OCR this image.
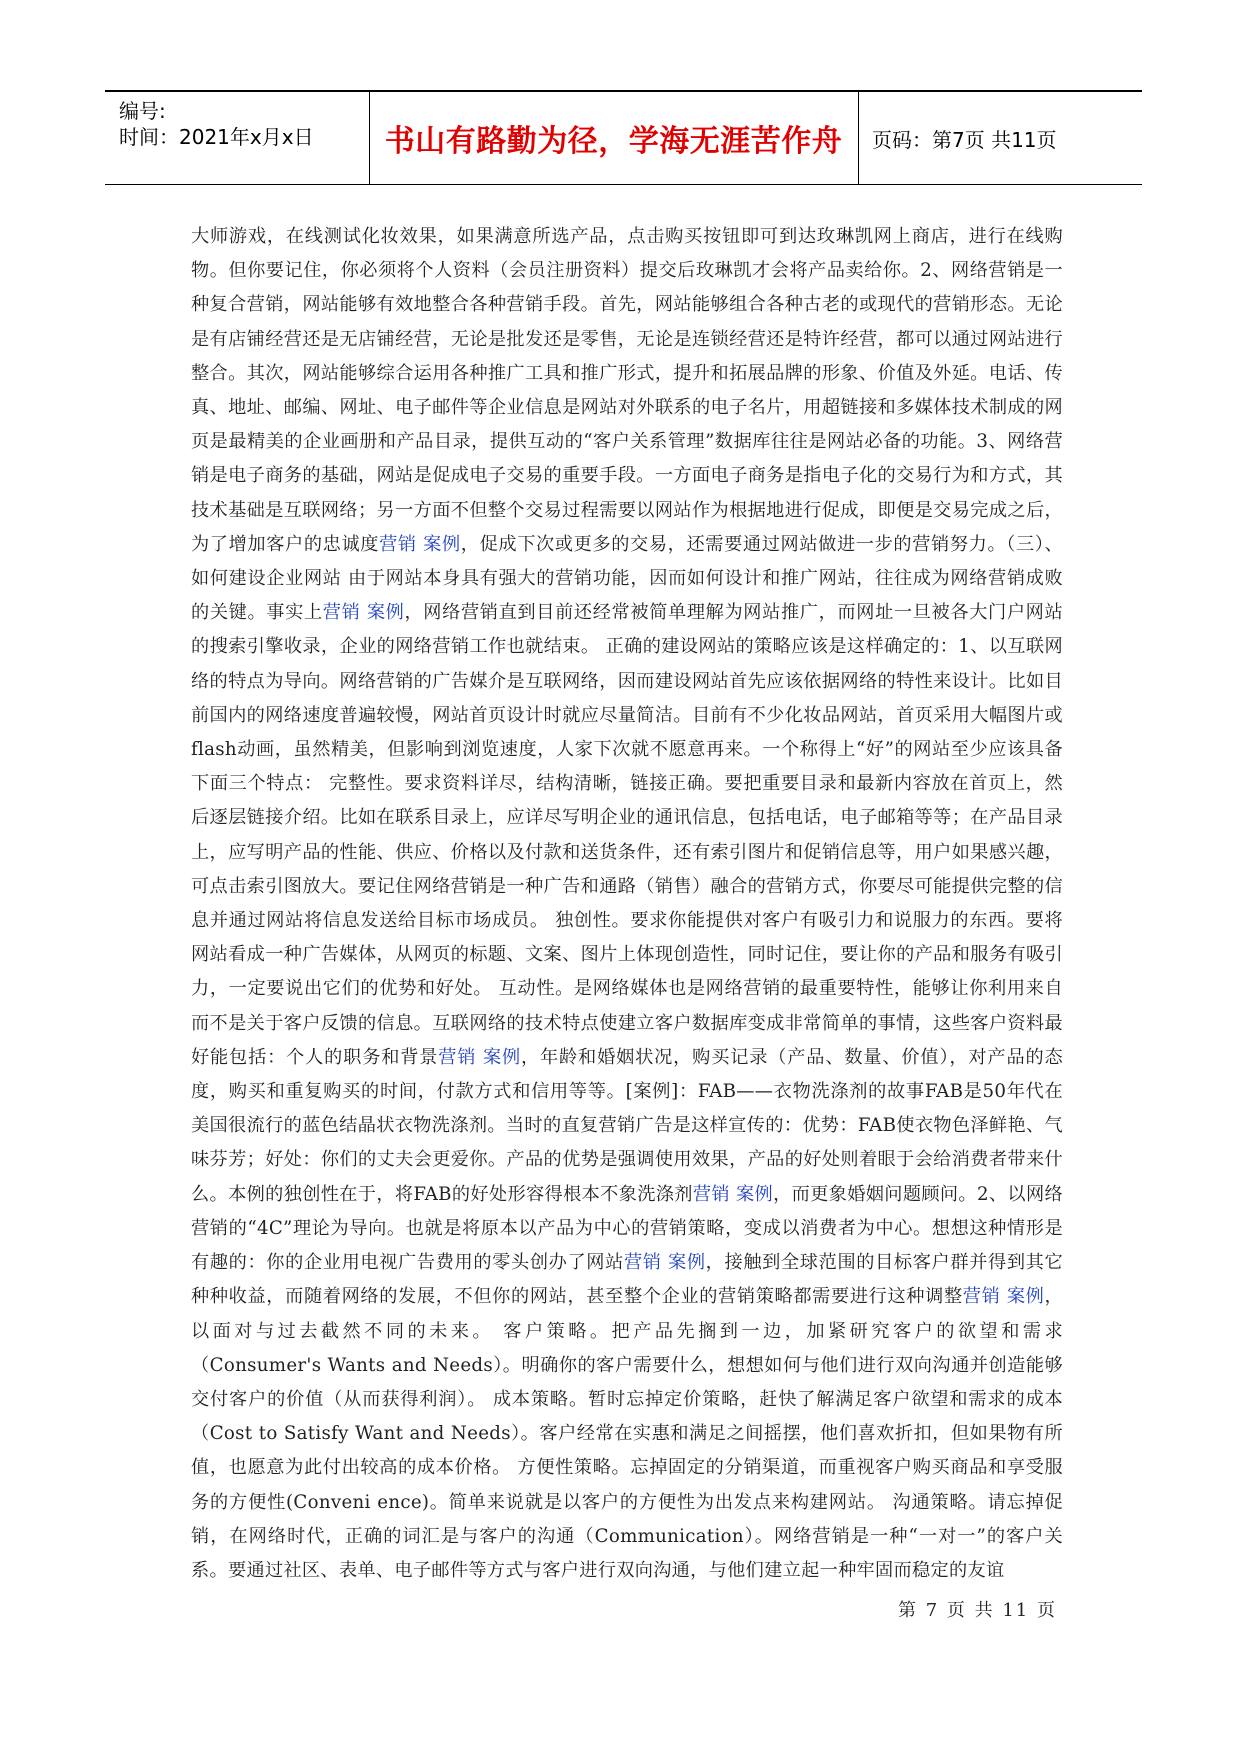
编号:
时间：2021年x月x日	书山有路勤为径，学海无涯苦作舟	页码：第7页 共11页
大师游戏，在线测试化妆效果，如果满意所选产品，点击购买按钮即可到达玫琳凯网上商店，进行在线购物。但你要记住，你必须将个人资料（会员注册资料）提交后玫琳凯才会将产品卖给你。2、网络营销是一种复合营销，网站能够有效地整合各种营销手段。首先，网站能够组合各种古老的或现代的营销形态。无论是有店铺经营还是无店铺经营，无论是批发还是零售，无论是连锁经营还是特许经营，都可以通过网站进行整合。其次，网站能够综合运用各种推广工具和推广形式，提升和拓展品牌的形象、价值及外延。电话、传真、地址、邮编、网址、电子邮件等企业信息是网站对外联系的电子名片，用超链接和多媒体技术制成的网页是最精美的企业画册和产品目录，提供互动的“客户关系管理”数据库往往是网站必备的功能。3、网络营销是电子商务的基础，网站是促成电子交易的重要手段。一方面电子商务是指电子化的交易行为和方式，其技术基础是互联网络；另一方面不但整个交易过程需要以网站作为根据地进行促成，即便是交易完成之后，为了增加客户的忠诚度营销 案例，促成下次或更多的交易，还需要通过网站做进一步的营销努力。（三）、如何建设企业网站 由于网站本身具有强大的营销功能，因而如何设计和推广网站，往往成为网络营销成败的关键。事实上营销 案例，网络营销直到目前还经常被简单理解为网站推广，而网址一旦被各大门户网站的搜索引擎收录，企业的网络营销工作也就结束。 正确的建设网站的策略应该是这样确定的：1、以互联网络的特点为导向。网络营销的广告媒介是互联网络，因而建设网站首先应该依据网络的特性来设计。比如目前国内的网络速度普遍较慢，网站首页设计时就应尽量简洁。目前有不少化妆品网站，首页采用大幅图片或flash动画，虽然精美，但影响到浏览速度，人家下次就不愿意再来。一个称得上“好”的网站至少应该具备下面三个特点： 完整性。要求资料详尽，结构清晰，链接正确。要把重要目录和最新内容放在首页上，然后逐层链接介绍。比如在联系目录上，应详尽写明企业的通讯信息，包括电话，电子邮箱等等；在产品目录上，应写明产品的性能、供应、价格以及付款和送货条件，还有索引图片和促销信息等，用户如果感兴趣，可点击索引图放大。要记住网络营销是一种广告和通路（销售）融合的营销方式，你要尽可能提供完整的信息并通过网站将信息发送给目标市场成员。 独创性。要求你能提供对客户有吸引力和说服力的东西。要将网站看成一种广告媒体，从网页的标题、文案、图片上体现创造性，同时记住，要让你的产品和服务有吸引力，一定要说出它们的优势和好处。 互动性。是网络媒体也是网络营销的最重要特性，能够让你利用来自而不是关于客户反馈的信息。互联网络的技术特点使建立客户数据库变成非常简单的事情，这些客户资料最好能包括：个人的职务和背景营销 案例，年龄和婚姻状况，购买记录（产品、数量、价值），对产品的态度，购买和重复购买的时间，付款方式和信用等等。[案例]：FAB——衣物洗涤剂的故事FAB是50年代在美国很流行的蓝色结晶状衣物洗涤剂。当时的直复营销广告是这样宣传的：优势：FAB使衣物色泽鲜艳、气味芬芳；好处：你们的丈夫会更爱你。产品的优势是强调使用效果，产品的好处则着眼于会给消费者带来什么。本例的独创性在于，将FAB的好处形容得根本不象洗涤剂营销 案例，而更象婚姻问题顾问。2、以网络营销的“4C”理论为导向。也就是将原本以产品为中心的营销策略，变成以消费者为中心。想想这种情形是有趣的：你的企业用电视广告费用的零头创办了网站营销 案例，接触到全球范围的目标客户群并得到其它种种收益，而随着网络的发展，不但你的网站，甚至整个企业的营销策略都需要进行这种调整营销 案例，以面对与过去截然不同的未来。 客户策略。把产品先搁到一边，加紧研究客户的欲望和需求（Consumer's Wants and Needs）。明确你的客户需要什么，想想如何与他们进行双向沟通并创造能够交付客户的价值（从而获得利润）。 成本策略。暂时忘掉定价策略，赶快了解满足客户欲望和需求的成本（Cost to Satisfy Want and Needs）。客户经常在实惠和满足之间摇摆，他们喜欢折扣，但如果物有所值，也愿意为此付出较高的成本价格。 方便性策略。忘掉固定的分销渠道，而重视客户购买商品和享受服务的方便性(Conveni ence)。简单来说就是以客户的方便性为出发点来构建网站。 沟通策略。请忘掉促销，在网络时代，正确的词汇是与客户的沟通（Communication）。网络营销是一种“一对一”的客户关系。要通过社区、表单、电子邮件等方式与客户进行双向沟通，与他们建立起一种牢固而稳定的友谊
第 7 页 共 11 页
